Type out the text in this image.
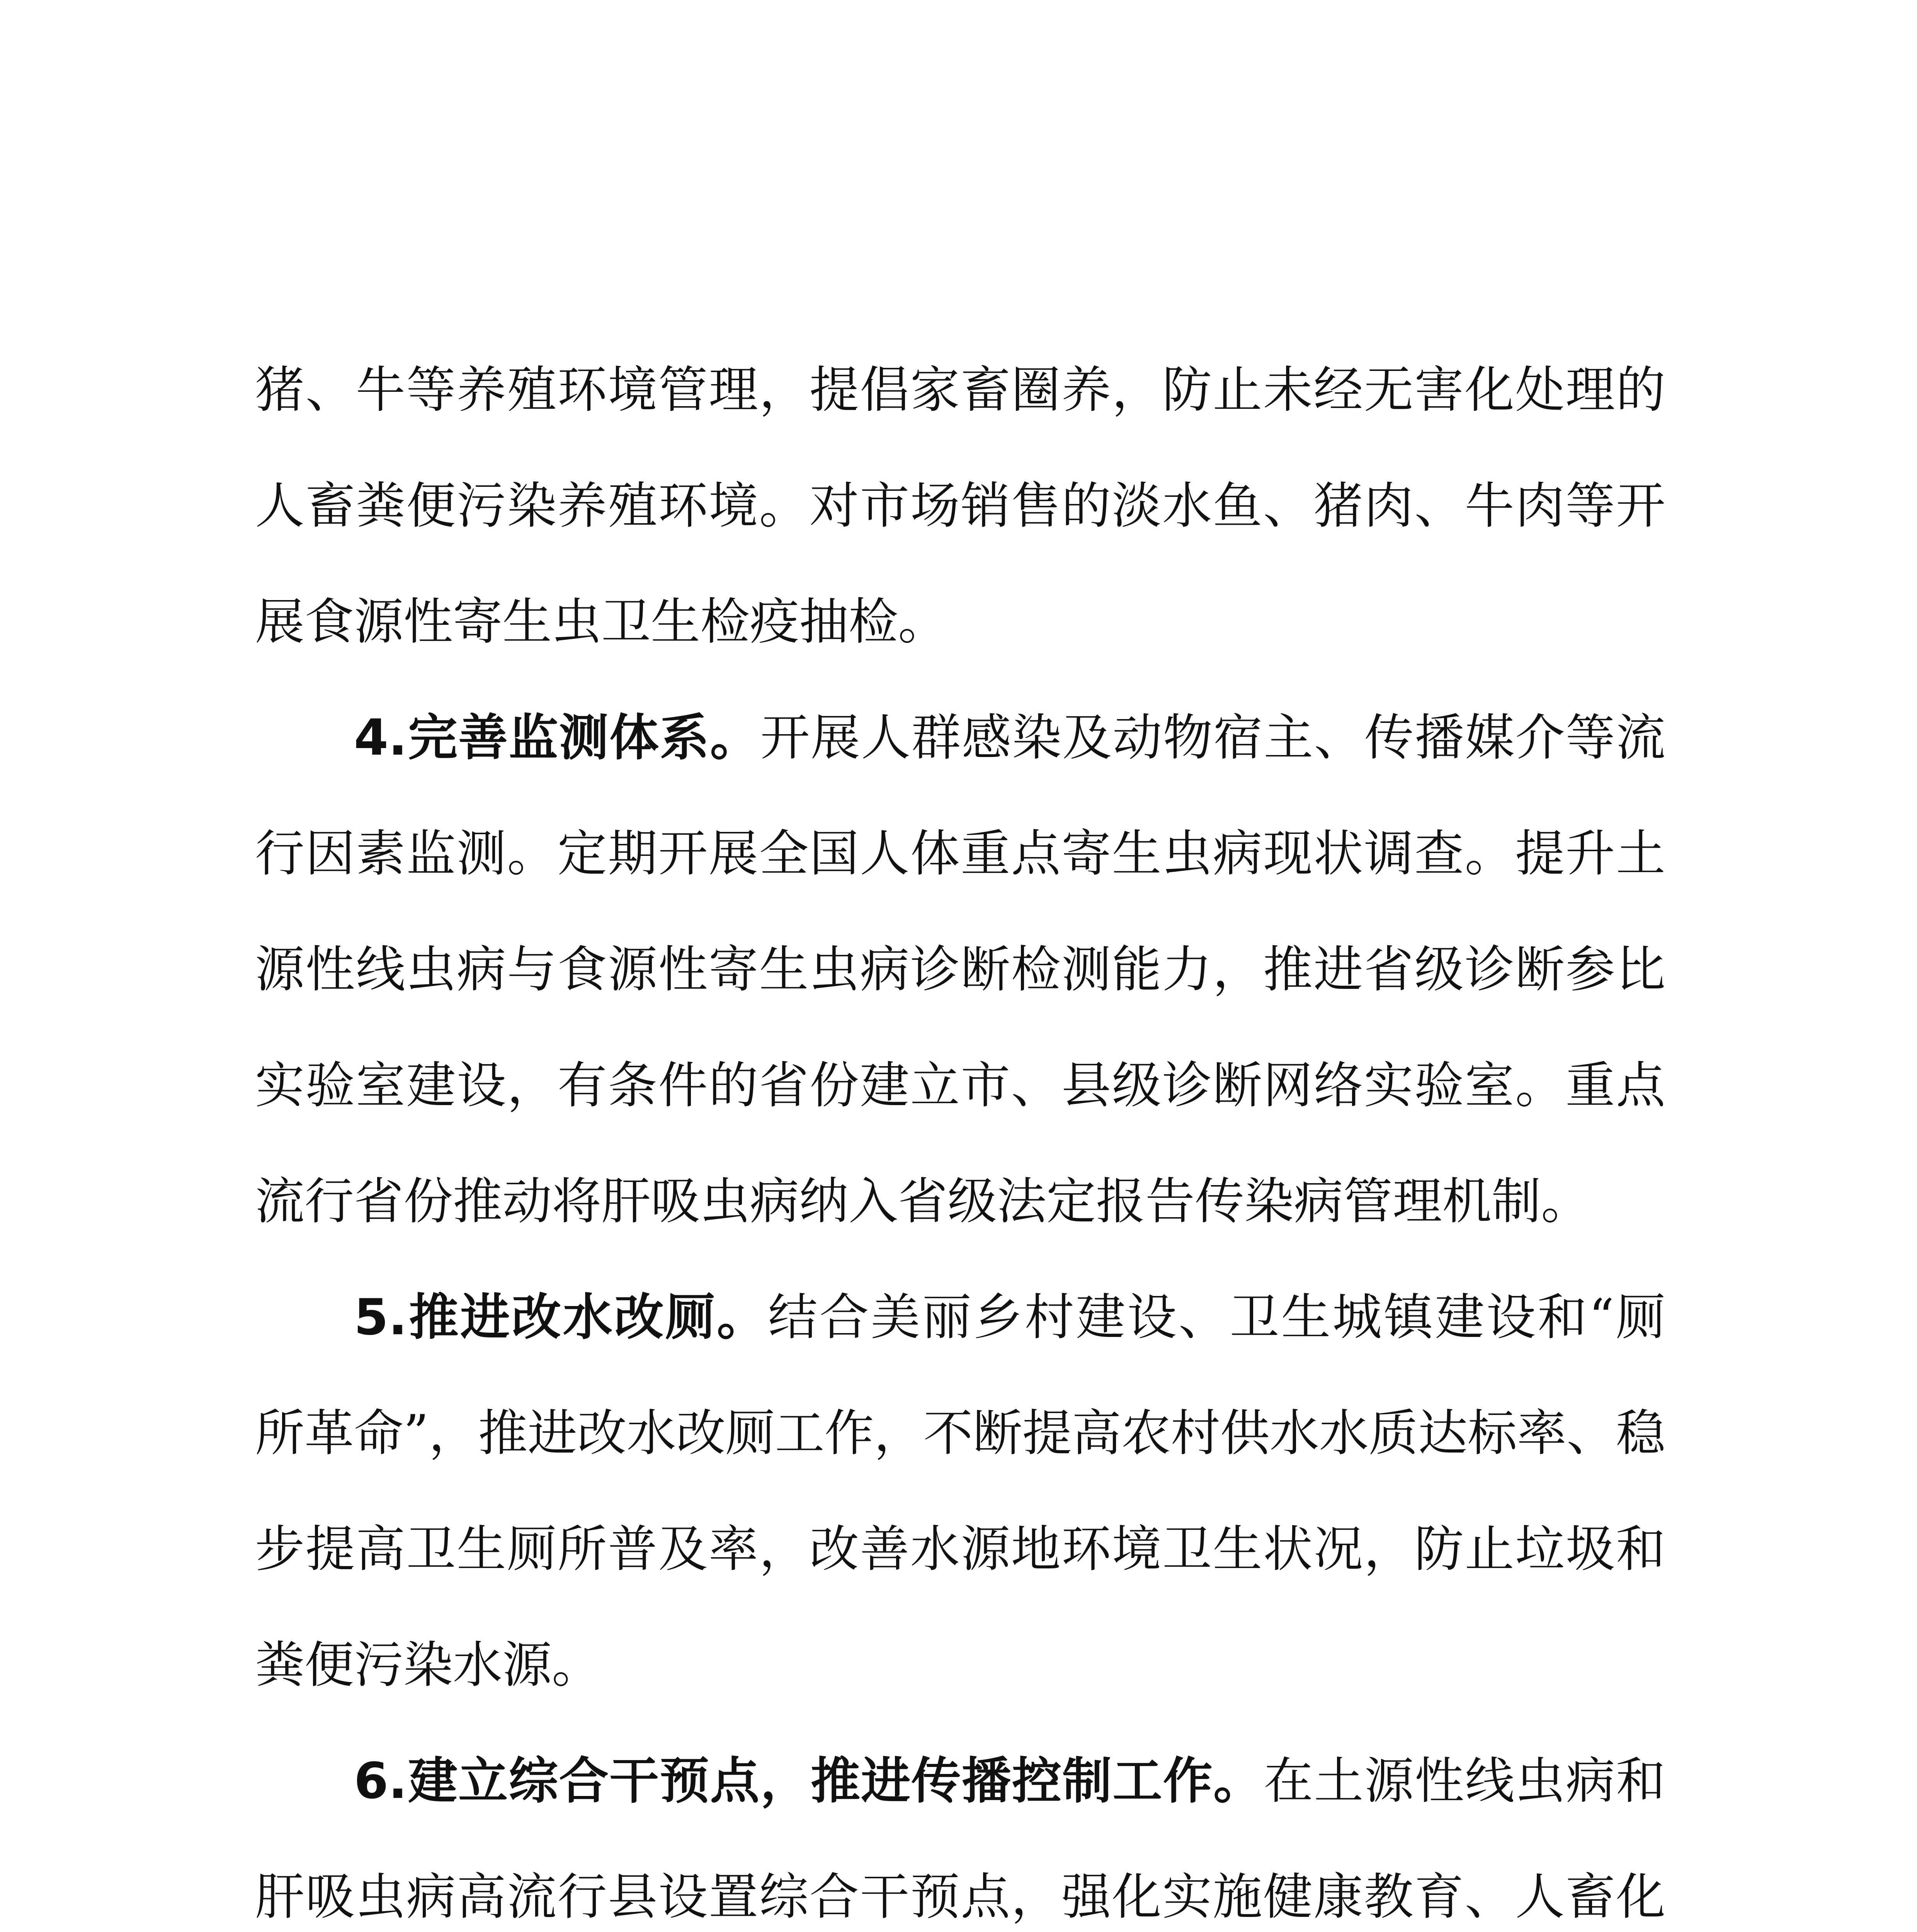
猪、牛等养殖环境管理，提倡家畜圈养，防止未经无害化处理的人畜粪便污染养殖环境。对市场销售的淡水鱼、猪肉、牛肉等开展食源性寄生虫卫生检疫抽检。

4.完善监测体系。开展人群感染及动物宿主、传播媒介等流行因素监测。定期开展全国人体重点寄生虫病现状调查。提升土源性线虫病与食源性寄生虫病诊断检测能力，推进省级诊断参比实验室建设，有条件的省份建立市、县级诊断网络实验室。重点流行省份推动将肝吸虫病纳入省级法定报告传染病管理机制。

5.推进改水改厕。结合美丽乡村建设、卫生城镇建设和“厕所革命”，推进改水改厕工作，不断提高农村供水水质达标率、稳步提高卫生厕所普及率，改善水源地环境卫生状况，防止垃圾和粪便污染水源。

6.建立综合干预点，推进传播控制工作。在土源性线虫病和肝吸虫病高流行县设置综合干预点，强化实施健康教育、人畜化
